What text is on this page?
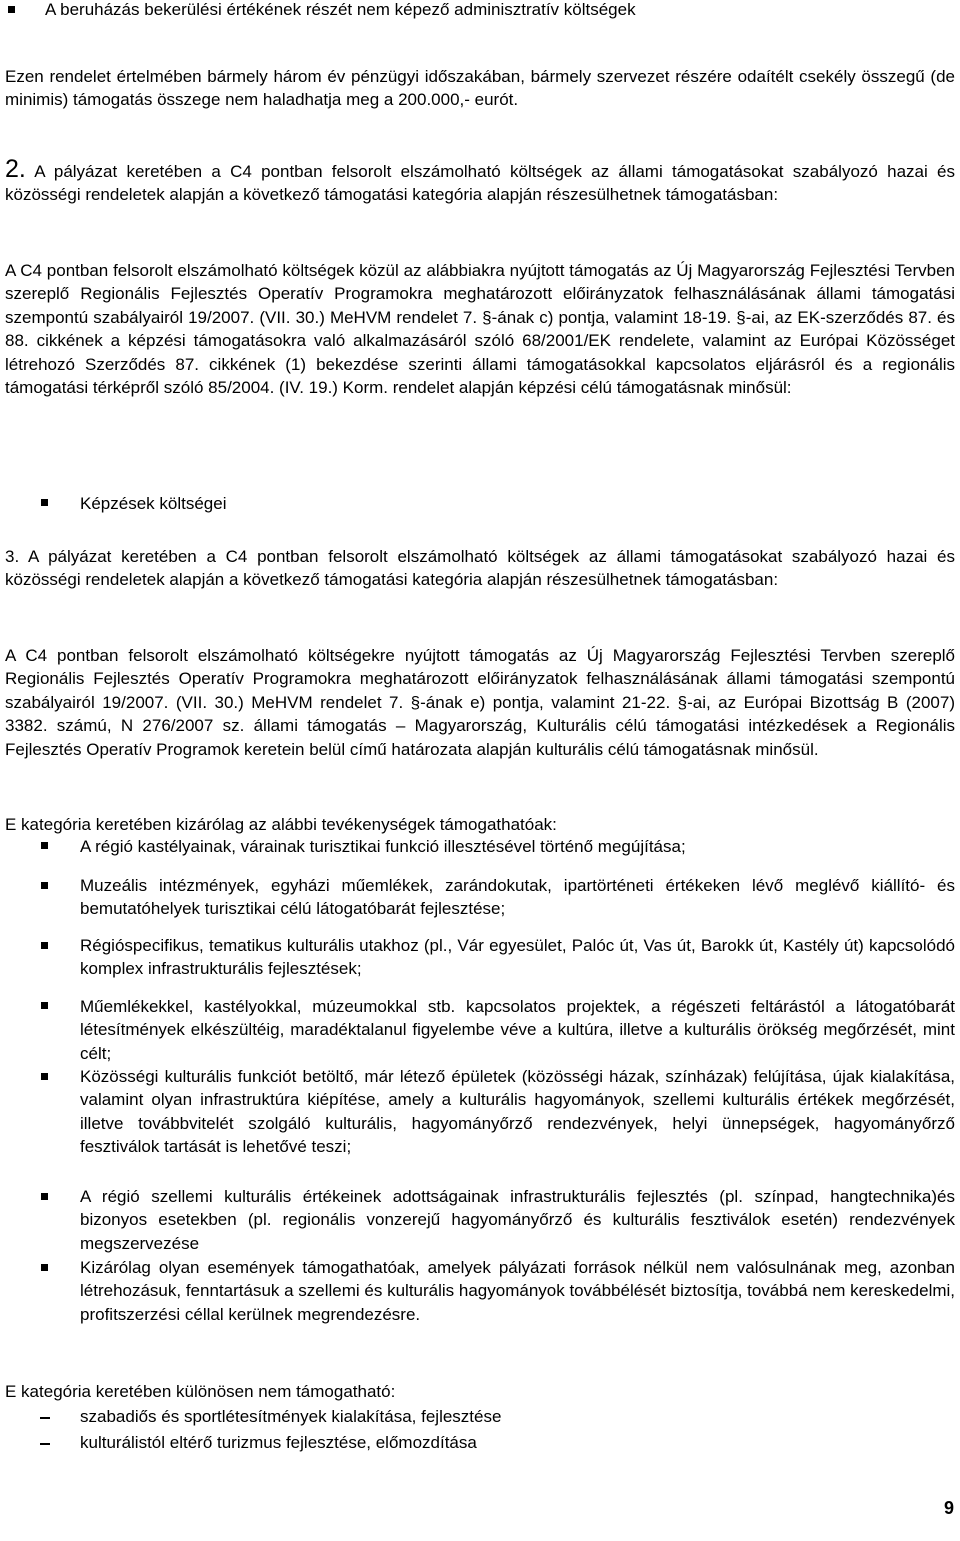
A beruházás bekerülési értékének részét nem képező adminisztratív költségek

Ezen rendelet értelmében bármely három év pénzügyi időszakában, bármely szervezet részére odaítélt csekély összegű (de minimis) támogatás összege nem haladhatja meg a 200.000,- eurót.

2. A pályázat keretében a C4 pontban felsorolt elszámolható költségek az állami támogatásokat szabályozó hazai és közösségi rendeletek alapján a következő támogatási kategória alapján részesülhetnek támogatásban:

A C4 pontban felsorolt elszámolható költségek közül az alábbiakra nyújtott támogatás az Új Magyarország Fejlesztési Tervben szereplő Regionális Fejlesztés Operatív Programokra meghatározott előirányzatok felhasználásának állami támogatási szempontú szabályairól 19/2007. (VII. 30.) MeHVM rendelet 7. §-ának c) pontja, valamint 18-19. §-ai, az EK-szerződés 87. és 88. cikkének a képzési támogatásokra való alkalmazásáról szóló 68/2001/EK rendelete, valamint az Európai Közösséget létrehozó Szerződés 87. cikkének (1) bekezdése szerinti állami támogatásokkal kapcsolatos eljárásról és a regionális támogatási térképről szóló 85/2004. (IV. 19.) Korm. rendelet alapján képzési célú támogatásnak minősül:

Képzések költségei

3. A pályázat keretében a C4 pontban felsorolt elszámolható költségek az állami támogatásokat szabályozó hazai és közösségi rendeletek alapján a következő támogatási kategória alapján részesülhetnek támogatásban:

A C4 pontban felsorolt elszámolható költségekre nyújtott támogatás az Új Magyarország Fejlesztési Tervben szereplő Regionális Fejlesztés Operatív Programokra meghatározott előirányzatok felhasználásának állami támogatási szempontú szabályairól 19/2007. (VII. 30.) MeHVM rendelet 7. §-ának e) pontja, valamint 21-22. §-ai, az Európai Bizottság B (2007) 3382. számú, N 276/2007 sz. állami támogatás – Magyarország, Kulturális célú támogatási intézkedések a Regionális Fejlesztés Operatív Programok keretein belül című határozata alapján kulturális célú támogatásnak minősül.

E kategória keretében kizárólag az alábbi tevékenységek támogathatóak:

A régió kastélyainak, várainak turisztikai funkció illesztésével történő megújítása;

Muzeális intézmények, egyházi műemlékek, zarándokutak, ipartörténeti értékeken lévő meglévő kiállító- és bemutatóhelyek turisztikai célú látogatóbarát fejlesztése;

Régióspecifikus, tematikus kulturális utakhoz (pl., Vár egyesület, Palóc út, Vas út, Barokk út, Kastély út) kapcsolódó komplex infrastrukturális fejlesztések;

Műemlékekkel, kastélyokkal, múzeumokkal stb. kapcsolatos projektek, a régészeti feltárástól a látogatóbarát létesítmények elkészültéig, maradéktalanul figyelembe véve a kultúra, illetve a kulturális örökség megőrzését, mint célt;

Közösségi kulturális funkciót betöltő, már létező épületek (közösségi házak, színházak) felújítása, újak kialakítása, valamint olyan infrastruktúra kiépítése, amely a kulturális hagyományok, szellemi kulturális értékek megőrzését, illetve továbbvitelét szolgáló kulturális, hagyományőrző rendezvények, helyi ünnepségek, hagyományőrző fesztiválok tartását is lehetővé teszi;

A régió szellemi kulturális értékeinek adottságainak infrastrukturális fejlesztés (pl. színpad, hangtechnika)és bizonyos esetekben (pl. regionális vonzerejű hagyományőrző és kulturális fesztiválok esetén) rendezvények megszervezése

Kizárólag olyan események támogathatóak, amelyek pályázati források nélkül nem valósulnának meg, azonban létrehozásuk, fenntartásuk a szellemi és kulturális hagyományok továbbélését biztosítja, továbbá nem kereskedelmi, profitszerzési céllal kerülnek megrendezésre.

E kategória keretében különösen nem támogatható:

szabadiős és sportlétesítmények kialakítása, fejlesztése

kulturálistól eltérő turizmus fejlesztése, előmozdítása

9
